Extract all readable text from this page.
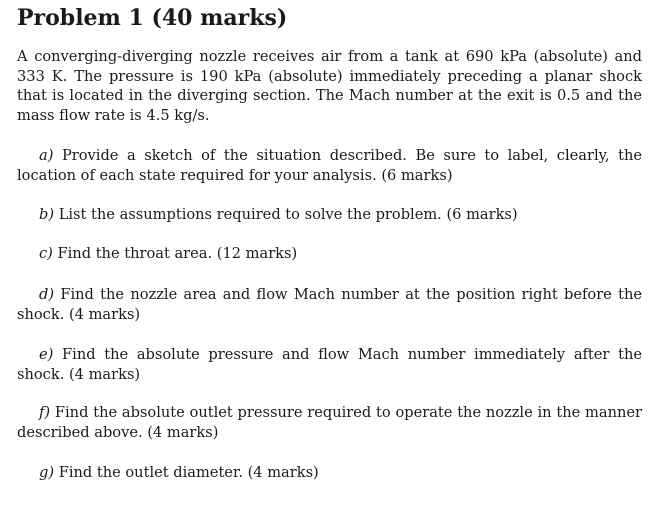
Problem 1 (40 marks)

A converging-diverging nozzle receives air from a tank at 690 kPa (absolute) and 333 K. The pressure is 190 kPa (absolute) immediately preceding a planar shock that is located in the diverging section. The Mach number at the exit is 0.5 and the mass flow rate is 4.5 kg/s.

a) Provide a sketch of the situation described. Be sure to label, clearly, the location of each state required for your analysis. (6 marks)

b) List the assumptions required to solve the problem. (6 marks)

c) Find the throat area. (12 marks)

d) Find the nozzle area and flow Mach number at the position right before the shock. (4 marks)

e) Find the absolute pressure and flow Mach number immediately after the shock. (4 marks)

f) Find the absolute outlet pressure required to operate the nozzle in the manner described above. (4 marks)

g) Find the outlet diameter. (4 marks)
